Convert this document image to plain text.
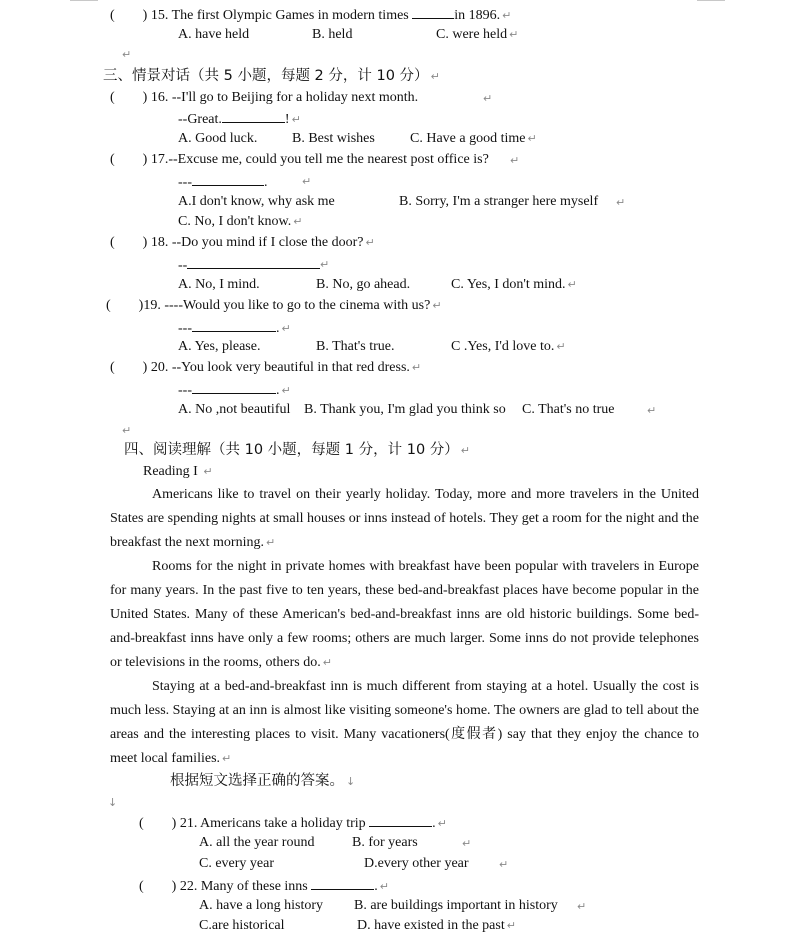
(　　) 15. The first Olympic Games in modern times	in 1896. ↵
A. have held	B. held	C. were held ↵
↵
三、情景对话（共 5 小题，每题 2 分，计 10 分） ↵
(　　) 16. --I'll go to Beijing for a holiday next month.	↵
--Great.	! ↵
A. Good luck. B. Best wishes	C. Have a good time ↵
(　　) 17.--Excuse me, could you tell me the nearest post office is? ↵
---	.	↵
A.I don't know, why ask me	B. Sorry, I'm a stranger here myself ↵
C. No, I don't know. ↵
(　　) 18. --Do you mind if I close the door? ↵
--	↵
A. No, I mind.	B. No, go ahead.	C. Yes, I don't mind. ↵
(　　)19. ----Would you like to go to the cinema with us? ↵
---	. ↵
A. Yes, please.	B. That's true.	C .Yes, I'd love to. ↵
(　　) 20. --You look very beautiful in that red dress. ↵
---	. ↵
A. No ,not beautiful B. Thank you, I'm glad you think so C. That's no true	↵
↵
四、阅读理解（共 10 小题，每题 1 分，计 10 分） ↵
Reading I ↵
Americans like to travel on their yearly holiday. Today, more and more travelers in the United States are spending nights at small houses or inns instead of hotels. They get a room for the night and the breakfast the next morning. ↵
Rooms for the night in private homes with breakfast have been popular with travelers in Europe for many years. In the past five to ten years, these bed-and-breakfast places have become popular in the United States. Many of these American's bed-and-breakfast inns are old historic buildings. Some bed-and-breakfast inns have only a few rooms; others are much larger. Some inns do not provide telephones or televisions in the rooms, others do. ↵
Staying at a bed-and-breakfast inn is much different from staying at a hotel. Usually the cost is much less. Staying at an inn is almost like visiting someone's home. The owners are glad to tell about the areas and the interesting places to visit. Many vacationers(度假者) say that they enjoy the chance to meet local families. ↵
根据短文选择正确的答案。 ↓
↓
(　　) 21. Americans take a holiday trip	. ↵
A. all the year round	B. for years	↵
C. every year	D.every other year	↵
(　　) 22. Many of these inns	. ↵
A. have a long history B. are buildings important in history ↵
C.are historical	D. have existed in the past ↵
